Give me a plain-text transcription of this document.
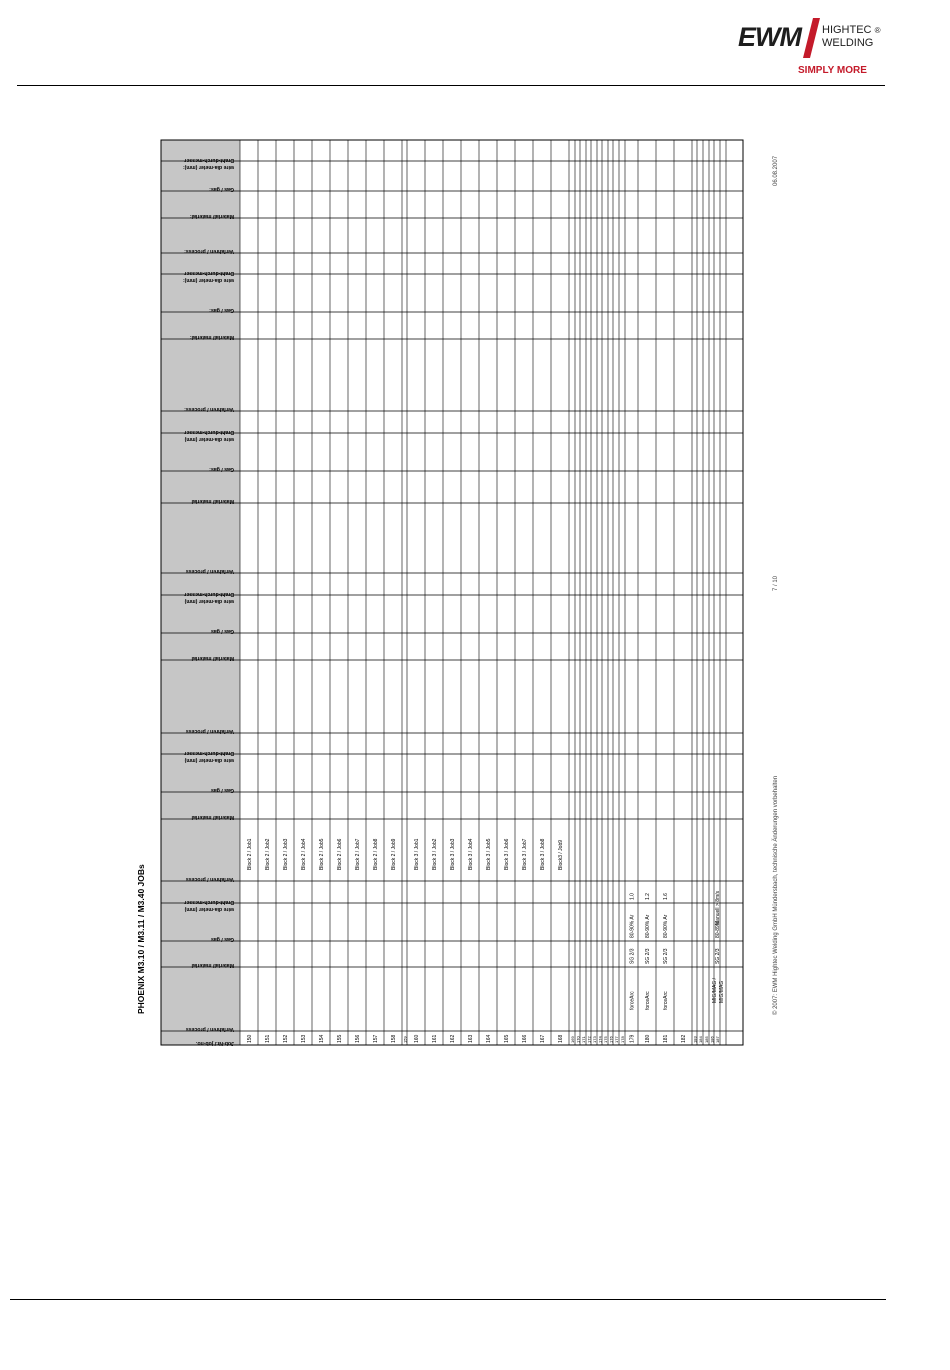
EWM HIGHTEC ®
WELDING
SIMPLY MORE
PHOENIX M3.10 / M3.11 / M3.40 JOBs
06.08.2007
7 / 10
© 2007: EWM Hightec Welding GmbH Mündersbach, technische Änderungen vorbehalten
Job-Nr./ job-no.
Verfahren / process
Material/ material
Gas / gas
Draht-durch-messer wire dia-meter (mm)
Verfahren / process
Material/ material
Gas / gas
Draht-durch-messer wire dia-meter (mm)
Verfahren / process
Material/ material
Gas / gas
Draht-durch-messer wire dia-meter (mm)
Verfahren / process
Material/ material
Gas / gas:
Draht-durch-messer wire dia-meter (mm)
Verfahren / process:
Material/ material:
Gas / gas:
Draht-durch-messer wire dia-meter (mm):
Verfahren / process:
Material/ material:
Gas / gas:
Draht-durch-messer wire dia-meter (mm):
150
Block 2 / Job1
151
Block 2 / Job2
152
Block 2 / Job3
153
Block 2 / Job4
154
Block 2 / Job5
155
Block 2 / Job6
156
Block 2 / Job7
157
Block 2 / Job8
158
Block 2 / Job9
159 160
Block 3 / Job1
161
Block 3 / Job2
162
Block 3 / Job3
163
Block 3 / Job4
164
Block 3 / Job5
165
Block 3 / Job6
166
Block 3 / Job7
167
Block 3 / Job8
168
Block3 / Job9
169 170 171 172 173 174 175 176 177 178 179
forceArc
SG 2/3
80-90% Ar
1.0
180
forceArc
SG 2/3
80-90% Ar
1.2
181
forceArc
SG 2/3
80-90% Ar
1.6
182 183 184 185 186 187
MIG/MAG / MIG/MAG
SG 2/3
80-89%
Manuell > 8m/s
